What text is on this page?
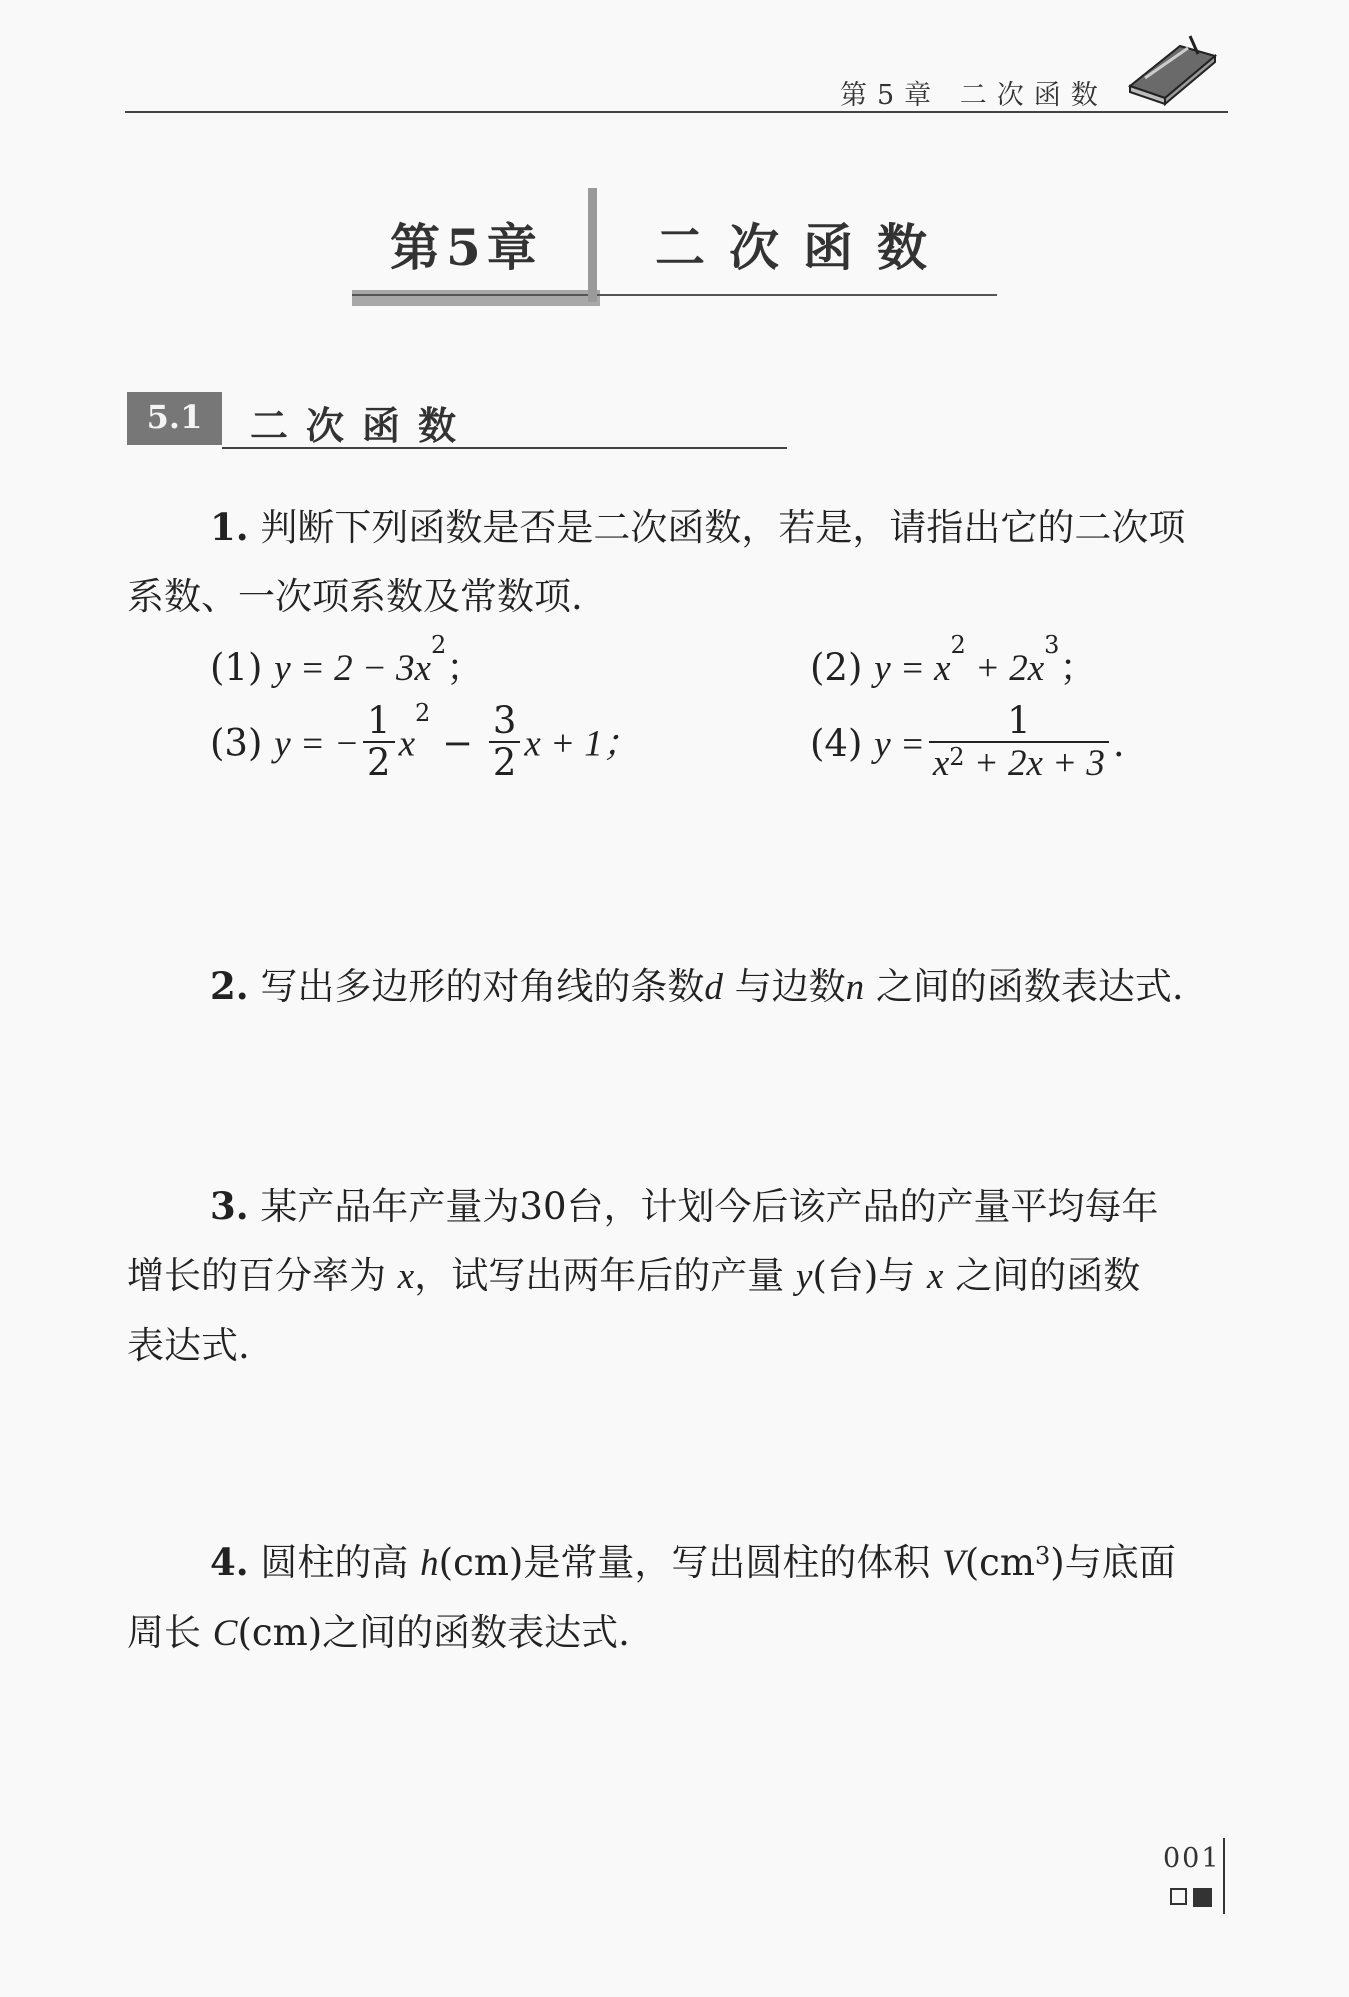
第5章 二次函数
第5章 二次函数
5.1	二次函数
1. 判断下列函数是否是二次函数，若是，请指出它的二次项
系数、一次项系数及常数项.
(1) $y = 2 - 3x^2$；	(2) $y = x^2 + 2x^3$；
(3) y = − $\frac{1}{2} x^2 - \frac{3}{2}$ x + 1；	(4) $y = \frac{1}{x^2 + 2x + 3}$ .
2. 写出多边形的对角线的条数d 与边数n 之间的函数表达式.
3. 某产品年产量为30台，计划今后该产品的产量平均每年
增长的百分率为 x，试写出两年后的产量 y(台)与 x 之间的函数
表达式.
4. 圆柱的高 h(cm)是常量，写出圆柱的体积 $V(cm^3)$与底面
周长 C(cm)之间的函数表达式.
001
